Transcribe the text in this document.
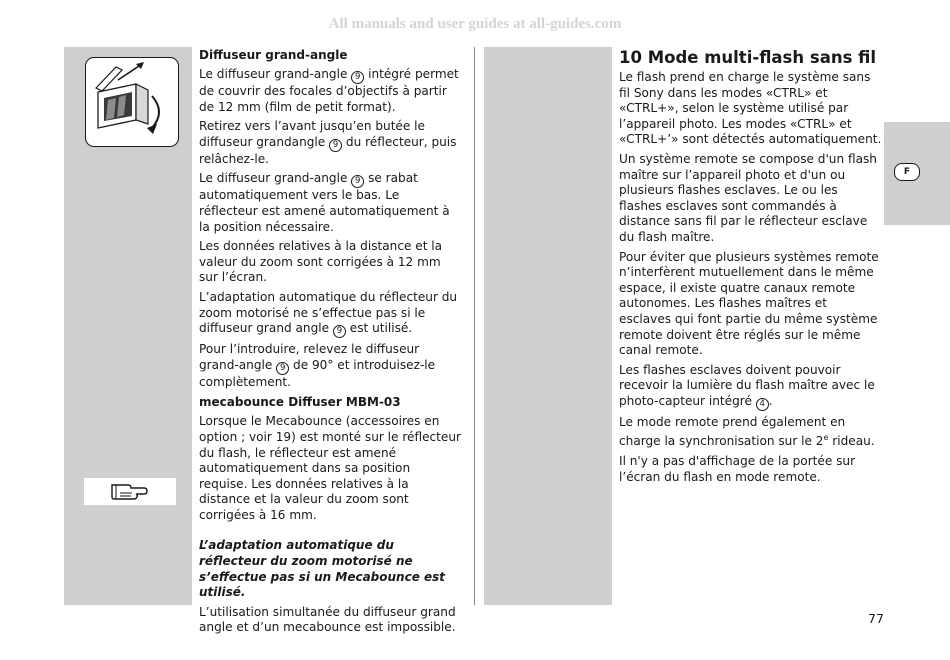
All manuals and user guides at all-guides.com
F
Diffuseur grand-angle

Le diffuseur grand-angle 9 intégré permet de couvrir des focales d’objectifs à partir de 12 mm (film de petit format).

Retirez vers l’avant jusqu’en butée le diffuseur grandangle 9 du réflecteur, puis relâchez-le.

Le diffuseur grand-angle 9 se rabat automatiquement vers le bas. Le réflecteur est amené automatiquement à la position nécessaire.

Les données relatives à la distance et la valeur du zoom sont corrigées à 12 mm sur l’écran.

L’adaptation automatique du réflecteur du zoom motorisé ne s’effectue pas si le diffuseur grand angle 9 est utilisé.

Pour l’introduire, relevez le diffuseur grand-angle 9 de 90° et introduisez-le complètement.

mecabounce Diffuser MBM-03

Lorsque le Mecabounce (accessoires en option ; voir 19) est monté sur le réflecteur du flash, le réflecteur est amené automatiquement dans sa position requise. Les données relatives à la distance et la valeur du zoom sont corrigées à 16 mm.

L’adaptation automatique du réflecteur du zoom motorisé ne s’effectue pas si un Mecabounce est utilisé.

L’utilisation simultanée du diffuseur grand angle et d’un mecabounce est impossible.

10 Mode multi-flash sans fil

Le flash prend en charge le système sans fil Sony dans les modes «CTRL» et «CTRL+», selon le système utilisé par l’appareil photo. Les modes «CTRL» et «CTRL+’» sont détectés automatiquement.

Un système remote se compose d'un flash maître sur l’appareil photo et d'un ou plusieurs flashes esclaves. Le ou les flashes esclaves sont commandés à distance sans fil par le réflecteur esclave du flash maître.

Pour éviter que plusieurs systèmes remote n’interfèrent mutuellement dans le même espace, il existe quatre canaux remote autonomes. Les flashes maîtres et esclaves qui font partie du même système remote doivent être réglés sur le même canal remote.

Les flashes esclaves doivent pouvoir recevoir la lumière du flash maître avec le photo-capteur intégré 4 .

Le mode remote prend également en charge la synchronisation sur le 2e rideau.

Il n'y a pas d'affichage de la portée sur l’écran du flash en mode remote.

77
